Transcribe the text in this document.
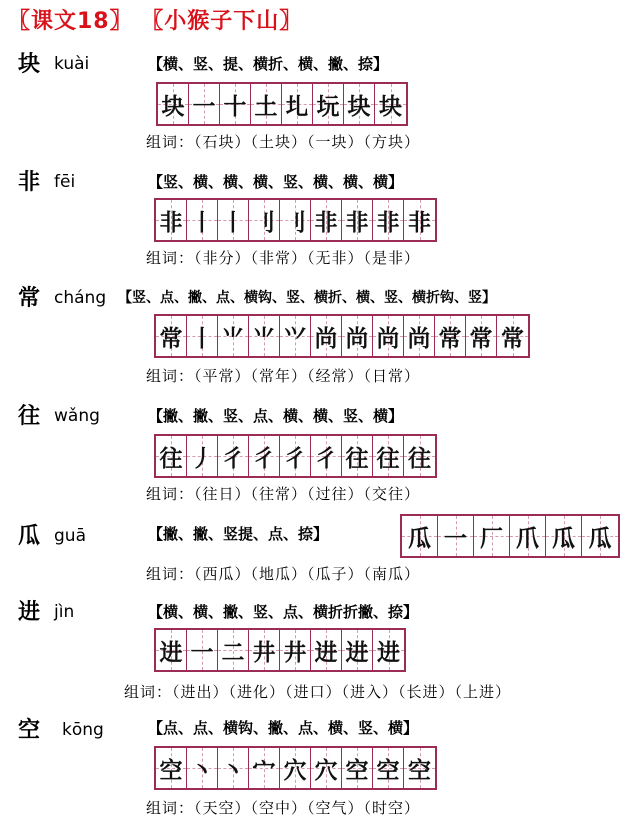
〖课文18〗 〖小猴子下山〗
块 kuài	【横、竖、提、横折、横、撇、捺】
块 一 十 土 圠 坃 块 块
组词：（石块）（土块）（一块）（方块）
非 fēi	【竖、横、横、横、竖、横、横、横】
非 丨 丨 刂 刂 非 非 非 非
组词：（非分）（非常）（无非）（是非）
常 cháng 【竖、点、撇、点、横钩、竖、横折、横、竖、横折钩、竖】
常 丨 ⺌ ⺌ ⺍ 尚 尚 尚 尚 常 常 常
组词：（平常）（常年）（经常）（日常）
往 wǎng	【撇、撇、竖、点、横、横、竖、横】
往 丿 彳 彳 彳 彳 往 往 往
组词：（往日）（往常）（过往）（交往）
瓜 guā	【撇、撇、竖提、点、捺】	瓜 一 厂 爪 瓜 瓜
组词：（西瓜）（地瓜）（瓜子）（南瓜）
进 jìn	【横、横、撇、竖、点、横折折撇、捺】
进 一 二 井 井 进 进 进
组词：（进出）（进化）（进口）（进入）（长进）（上进）
空 kōng	【点、点、横钩、撇、点、横、竖、横】
空 丶 丶 宀 穴 穴 空 空 空
组词：（天空）（空中）（空气）（时空）
